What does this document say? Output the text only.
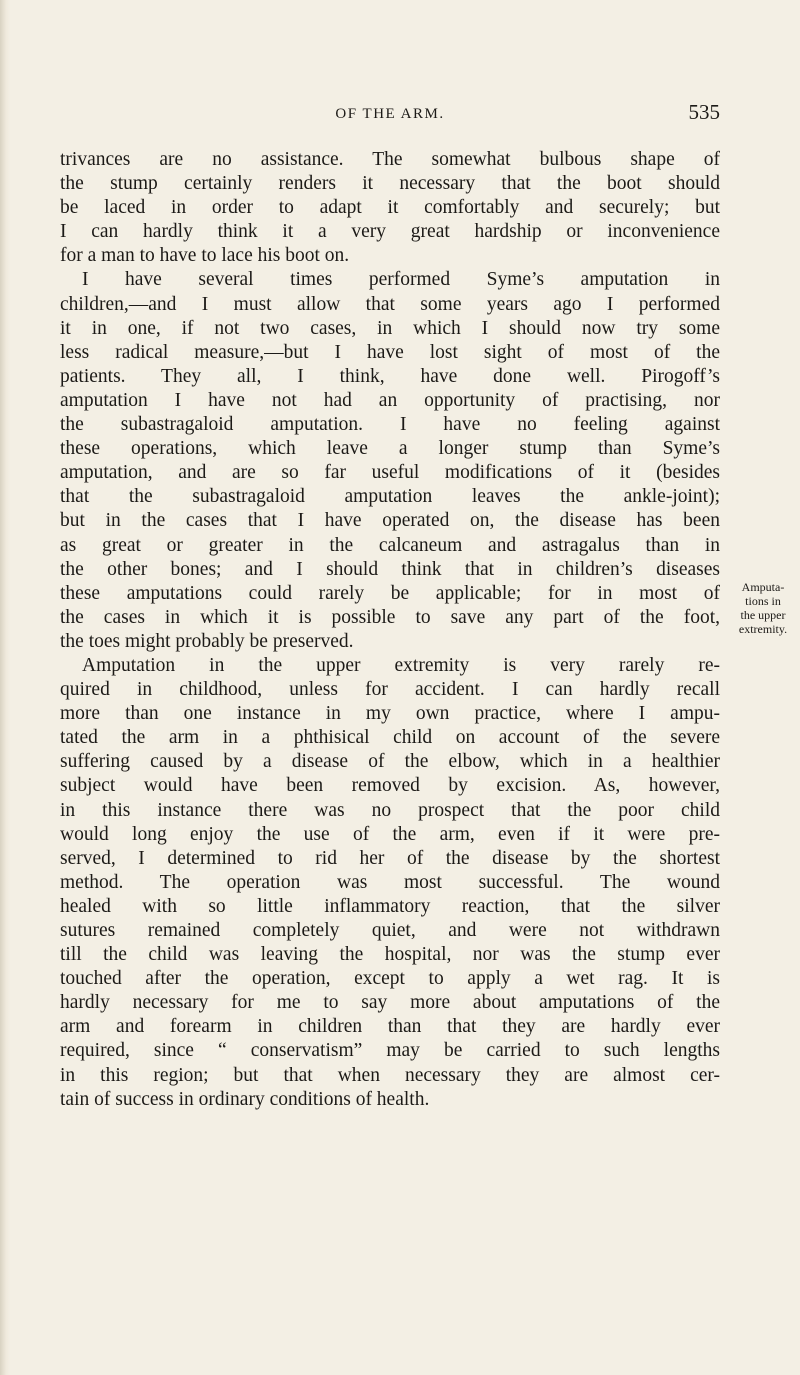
OF THE ARM.	535
trivances are no assistance. The somewhat bulbous shape of
the stump certainly renders it necessary that the boot should
be laced in order to adapt it comfortably and securely; but
I can hardly think it a very great hardship or inconvenience
for a man to have to lace his boot on.
I have several times performed Syme’s amputation in
children,—and I must allow that some years ago I performed
it in one, if not two cases, in which I should now try some
less radical measure,—but I have lost sight of most of the
patients. They all, I think, have done well. Pirogoff’s
amputation I have not had an opportunity of practising, nor
the subastragaloid amputation. I have no feeling against
these operations, which leave a longer stump than Syme’s
amputation, and are so far useful modifications of it (besides
that the subastragaloid amputation leaves the ankle-joint);
but in the cases that I have operated on, the disease has been
as great or greater in the calcaneum and astragalus than in
the other bones; and I should think that in children’s diseases
these amputations could rarely be applicable; for in most of
the cases in which it is possible to save any part of the foot,
the toes might probably be preserved.
Amputation in the upper extremity is very rarely re-
quired in childhood, unless for accident. I can hardly recall
more than one instance in my own practice, where I ampu-
tated the arm in a phthisical child on account of the severe
suffering caused by a disease of the elbow, which in a healthier
subject would have been removed by excision. As, however,
in this instance there was no prospect that the poor child
would long enjoy the use of the arm, even if it were pre-
served, I determined to rid her of the disease by the shortest
method. The operation was most successful. The wound
healed with so little inflammatory reaction, that the silver
sutures remained completely quiet, and were not withdrawn
till the child was leaving the hospital, nor was the stump ever
touched after the operation, except to apply a wet rag. It is
hardly necessary for me to say more about amputations of the
arm and forearm in children than that they are hardly ever
required, since “ conservatism” may be carried to such lengths
in this region; but that when necessary they are almost cer-
tain of success in ordinary conditions of health.
Amputa-
tions in
the upper
extremity.
